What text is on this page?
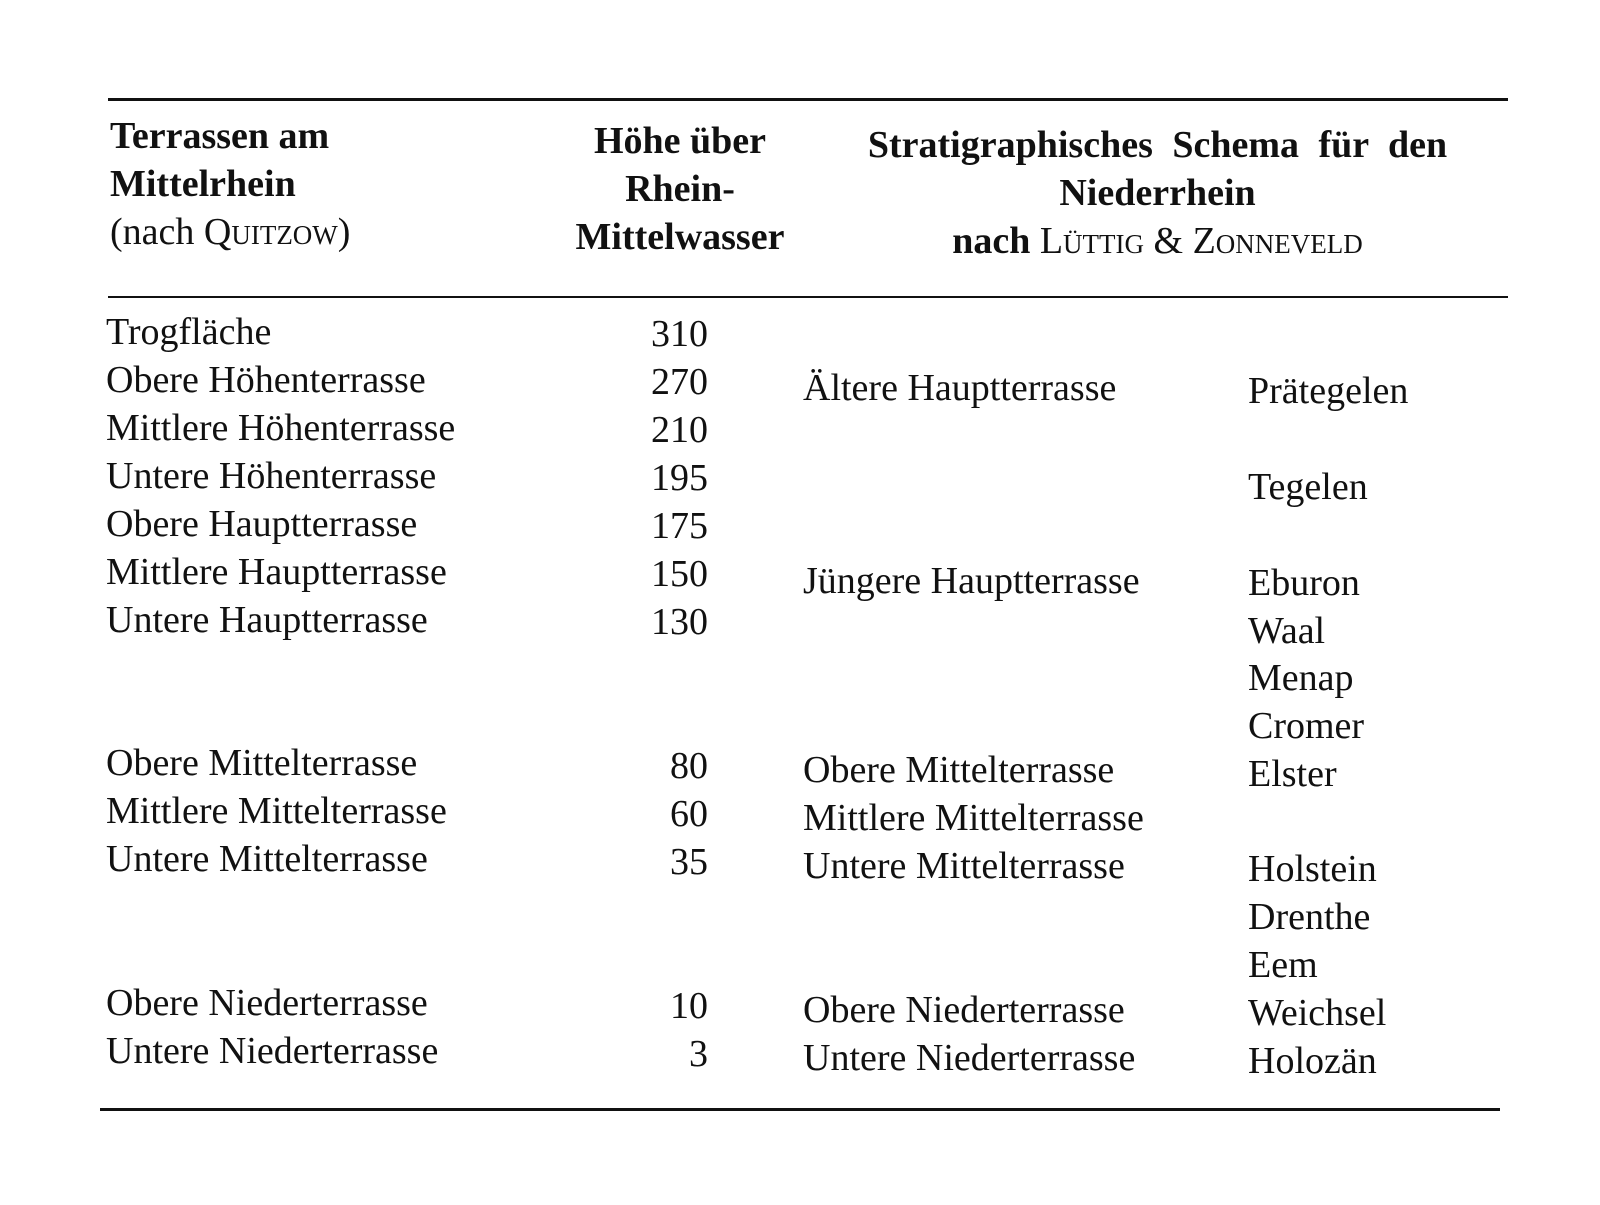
Terrassen am
Mittelrhein
(nach Quitzow)
Höhe über
Rhein-
Mittelwasser
Stratigraphisches Schema für den
Niederrhein
nach Lüttig & Zonneveld
Trogfläche
Obere Höhenterrasse
Mittlere Höhenterrasse
Untere Höhenterrasse
Obere Hauptterrasse
Mittlere Hauptterrasse
Untere Hauptterrasse
Obere Mittelterrasse
Mittlere Mittelterrasse
Untere Mittelterrasse
Obere Niederterrasse
Untere Niederterrasse
310
270
210
195
175
150
130
80
60
35
10
3
Ältere Hauptterrasse
Jüngere Hauptterrasse
Obere Mittelterrasse
Mittlere Mittelterrasse
Untere Mittelterrasse
Obere Niederterrasse
Untere Niederterrasse
Prätegelen
Tegelen
Eburon
Waal
Menap
Cromer
Elster
Holstein
Drenthe
Eem
Weichsel
Holozän
